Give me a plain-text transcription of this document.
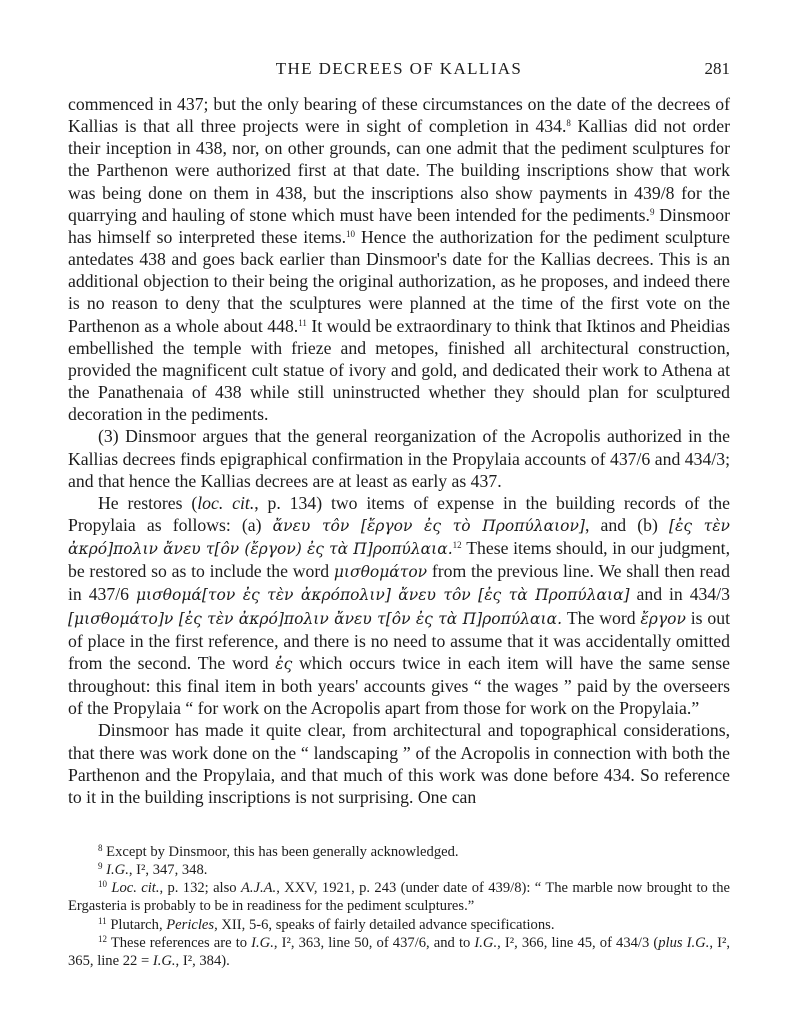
THE DECREES OF KALLIAS	281

commenced in 437; but the only bearing of these circumstances on the date of the decrees of Kallias is that all three projects were in sight of completion in 434.$^8$ Kallias did not order their inception in 438, nor, on other grounds, can one admit that the pediment sculptures for the Parthenon were authorized first at that date. The building inscriptions show that work was being done on them in 438, but the inscriptions also show payments in 439/8 for the quarrying and hauling of stone which must have been intended for the pediments.$^9$ Dinsmoor has himself so interpreted these items.$^{10}$ Hence the authorization for the pediment sculpture antedates 438 and goes back earlier than Dinsmoor's date for the Kallias decrees. This is an additional objection to their being the original authorization, as he proposes, and indeed there is no reason to deny that the sculptures were planned at the time of the first vote on the Parthenon as a whole about 448.11 It would be extraordinary to think that Iktinos and Pheidias embellished the temple with frieze and metopes, finished all architectural construction, provided the magnificent cult statue of ivory and gold, and dedicated their work to Athena at the Panathenaia of 438 while still uninstructed whether they should plan for sculptured decoration in the pediments.

(3) Dinsmoor argues that the general reorganization of the Acropolis authorized in the Kallias decrees finds epigraphical confirmation in the Propylaia accounts of 437/6 and 434/3; and that hence the Kallias decrees are at least as early as 437.

He restores (loc. cit., p. 134) two items of expense in the building records of the Propylaia as follows: (a) ἄνευ τôν [ἔργον ἐς τὸ Προπύλαιον], and (b) [ἐς τὲν ἀκρό]πολιν ἄνευ τ[ôν (ἔργον) ἐς τὰ Π]ροπύλαια.$^{12}$ These items should, in our judgment, be restored so as to include the word μισθομάτον from the previous line. We shall then read in 437/6 μισθομά[τον ἐς τὲν ἀκρόπολιν] ἄνευ τôν [ἐς τὰ Προπύλαια] and in 434/3 [μισθομάτο]ν [ἐς τὲν ἀκρό]πολιν ἄνευ τ[ôν ἐς τὰ Π]ροπύλαια. The word ἔργον is out of place in the first reference, and there is no need to assume that it was accidentally omitted from the second. The word ἐς which occurs twice in each item will have the same sense throughout: this final item in both years' accounts gives “ the wages ” paid by the overseers of the Propylaia “ for work on the Acropolis apart from those for work on the Propylaia.”

Dinsmoor has made it quite clear, from architectural and topographical considerations, that there was work done on the “ landscaping ” of the Acropolis in connection with both the Parthenon and the Propylaia, and that much of this work was done before 434. So reference to it in the building inscriptions is not surprising. One can

$^8$ Except by Dinsmoor, this has been generally acknowledged.

$^9$ I.G., I², 347, 348.

$^{10}$ Loc. cit., p. 132; also A.J.A., XXV, 1921, p. 243 (under date of 439/8): “ The marble now brought to the Ergasteria is probably to be in readiness for the pediment sculptures.”

$^{11}$ Plutarch, Pericles, XII, 5-6, speaks of fairly detailed advance specifications.

$^{12}$ These references are to I.G., I², 363, line 50, of 437/6, and to I.G., I², 366, line 45, of 434/3 (plus I.G., I², 365, line 22 = I.G., I², 384).
